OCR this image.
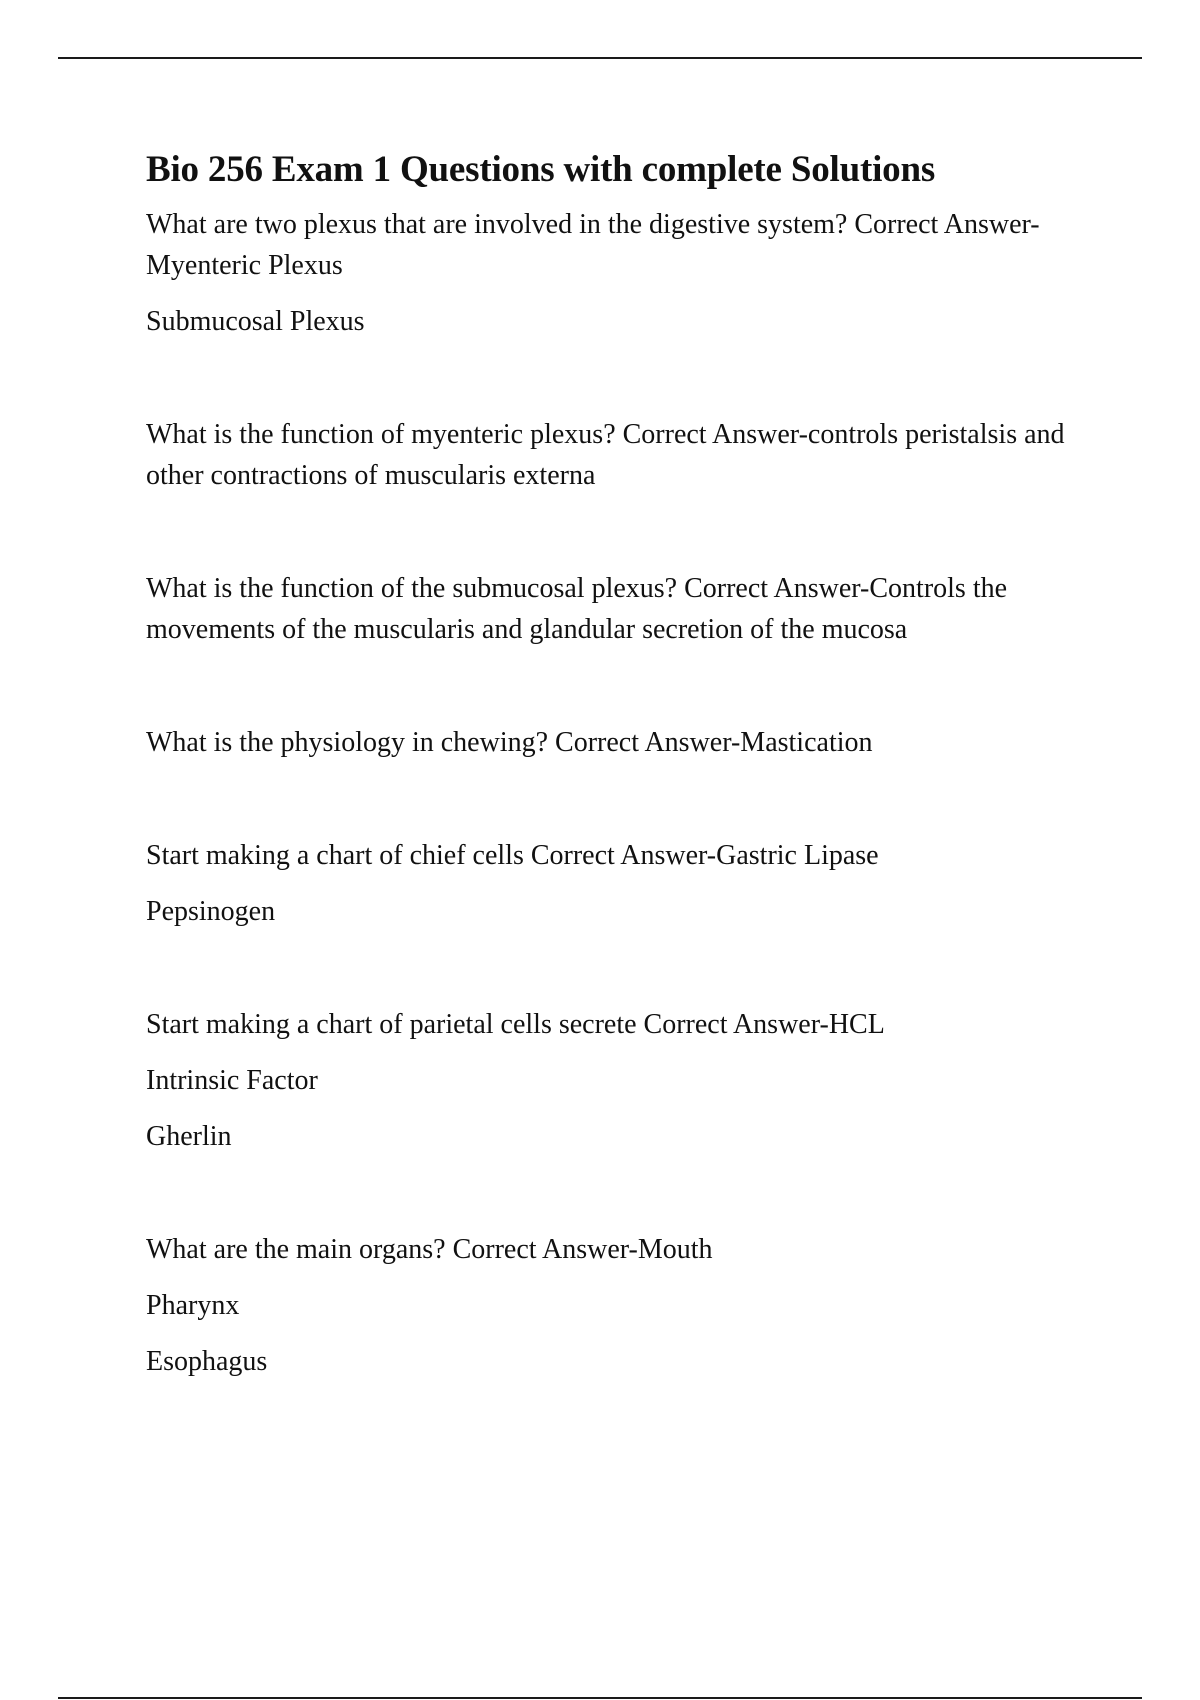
Bio 256 Exam 1 Questions with complete Solutions

What are two plexus that are involved in the digestive system? Correct Answer-Myenteric Plexus

Submucosal Plexus

What is the function of myenteric plexus? Correct Answer-controls peristalsis and other contractions of muscularis externa

What is the function of the submucosal plexus? Correct Answer-Controls the movements of the muscularis and glandular secretion of the mucosa

What is the physiology in chewing? Correct Answer-Mastication

Start making a chart of chief cells Correct Answer-Gastric Lipase

Pepsinogen

Start making a chart of parietal cells secrete Correct Answer-HCL

Intrinsic Factor

Gherlin

What are the main organs? Correct Answer-Mouth

Pharynx

Esophagus
